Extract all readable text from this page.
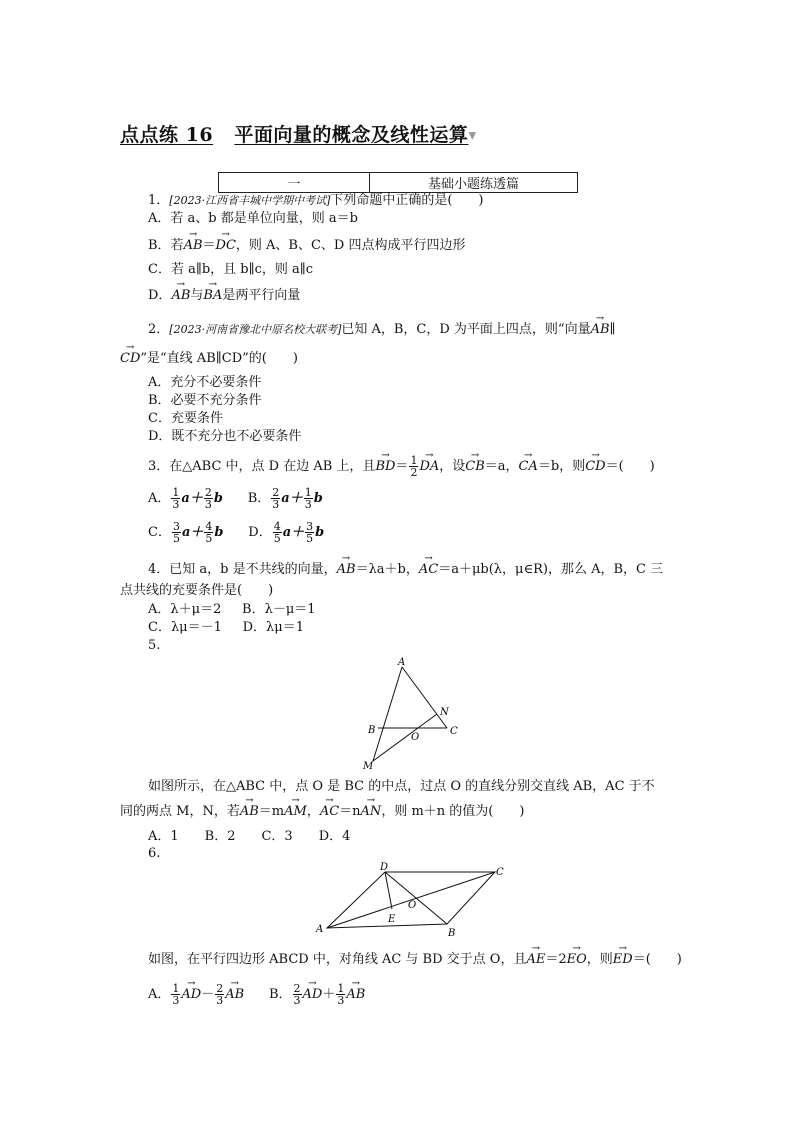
点点练 16 平面向量的概念及线性运算▼
一	基础小题练透篇
1．[2023·江西省丰城中学期中考试]下列命题中正确的是(　　)
A．若 a、b 都是单位向量，则 a＝b
B．若→ AB＝→ DC，则 A、B、C、D 四点构成平行四边形
C．若 a∥b，且 b∥c，则 a∥c
D．→ AB与→ BA是两平行向量
2．[2023·河南省豫北中原名校大联考]已知 A，B，C，D 为平面上四点，则“向量→ AB∥
→ CD”是“直线 AB∥CD”的(　　)
A．充分不必要条件
B．必要不充分条件
C．充要条件
D．既不充分也不必要条件
3．在△ABC 中，点 D 在边 AB 上，且→ $BD= \frac{1}{2}$
→ DA，设→ CB＝a，→ CA＝b，则→ CD＝(　　)
A． $\frac{1}{3} a+ \frac{2}{3}$ b B． $\frac{2}{3} a+ \frac{1}{3}$ b
C． $\frac{3}{5} a+ \frac{4}{5}$ b D． $\frac{4}{5} a+ \frac{3}{5}$ b
4．已知 a，b 是不共线的向量，→ AB＝λa＋b，→ AC＝a＋μb(λ，μ∈R)，那么 A，B，C 三
点共线的充要条件是(　　)
A．λ＋μ＝2 B．λ－μ＝1
C．λμ＝－1 D．λμ＝1
5.
A
B	C
N
O
M
如图所示，在△ABC 中，点 O 是 BC 的中点，过点 O 的直线分别交直线 AB，AC 于不
同的两点 M，N，若→ AB＝m→ AM，→ AC＝n→ AN，则 m＋n 的值为(　　)
A．1　　B．2　　C．3　　D．4
6.
D	C
A	B
E
O
如图，在平行四边形 ABCD 中，对角线 AC 与 BD 交于点 O，且→ AE＝2→ EO，则→ ED＝(　　)
A． $\frac{1}{3}$
→ $AD- \frac{2}{3}$
→ AB B． $\frac{2}{3}$
→ $AD+ \frac{1}{3}$
→ AB
